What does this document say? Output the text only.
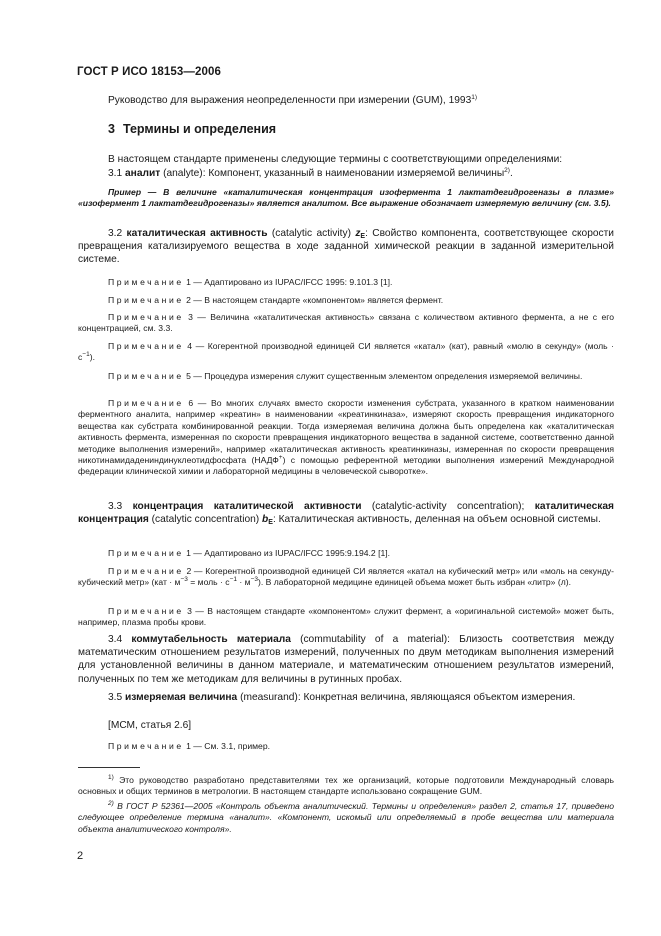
ГОСТ Р ИСО 18153—2006
Руководство для выражения неопределенности при измерении (GUM), 1993$^{1)}$
3 Термины и определения
В настоящем стандарте применены следующие термины с соответствующими определениями:
3.1 аналит (analyte): Компонент, указанный в наименовании измеряемой величины$^{2)}$.
Пример — В величине «каталитическая концентрация изофермента 1 лактатдегидрогеназы в плазме» «изофермент 1 лактатдегидрогеназы» является аналитом. Все выражение обозначает измеряемую величину (см. 3.5).
3.2 каталитическая активность (catalytic activity) $z_E$: Свойство компонента, соответствующее скорости превращения катализируемого вещества в ходе заданной химической реакции в заданной измерительной системе.
Примечание 1 — Адаптировано из IUPAC/IFCC 1995: 9.101.3 [1].
Примечание 2 — В настоящем стандарте «компонентом» является фермент.
Примечание 3 — Величина «каталитическая активность» связана с количеством активного фермента, а не с его концентрацией, см. 3.3.
Примечание 4 — Когерентной производной единицей СИ является «катал» (кат), равный «молю в секунду» (моль · $с^{-1}$).
Примечание 5 — Процедура измерения служит существенным элементом определения измеряемой величины.
Примечание 6 — Во многих случаях вместо скорости изменения субстрата, указанного в кратком наименовании ферментного аналита, например «креатин» в наименовании «креатинкиназа», измеряют скорость превращения индикаторного вещества как субстрата комбинированной реакции. Тогда измеряемая величина должна быть определена как «каталитическая активность фермента, измеренная по скорости превращения индикаторного вещества в заданной системе, соответственно данной методике выполнения измерений», например «каталитическая активность креатинкиназы, измеренная по скорости превращения никотинамидадениндинуклеотидфосфата (НАДФ+) с помощью референтной методики выполнения измерений Международной федерации клинической химии и лабораторной медицины в человеческой сыворотке».
3.3 концентрация каталитической активности (catalytic-activity concentration); каталитическая концентрация (catalytic concentration) $b_E$: Каталитическая активность, деленная на объем основной системы.
Примечание 1 — Адаптировано из IUPAC/IFCC 1995:9.194.2 [1].
Примечание 2 — Когерентной производной единицей СИ является «катал на кубический метр» или «моль на секунду-кубический метр» ($кат \cdot м^{-3}$ = моль · $с^{-1} \cdot м^{-3}$). В лабораторной медицине единицей объема может быть избран «литр» (л).
Примечание 3 — В настоящем стандарте «компонентом» служит фермент, а «оригинальной системой» может быть, например, плазма пробы крови.
3.4 коммутабельность материала (commutability of a material): Близость соответствия между математическим отношением результатов измерений, полученных по двум методикам выполнения измерений для установленной величины в данном материале, и математическим отношением результатов измерений, полученных по тем же методикам для величины в рутинных пробах.
3.5 измеряемая величина (measurand): Конкретная величина, являющаяся объектом измерения.
[МСМ, статья 2.6]
Примечание 1 — См. 3.1, пример.
$^{1)}$ Это руководство разработано представителями тех же организаций, которые подготовили Международный словарь основных и общих терминов в метрологии. В настоящем стандарте использовано сокращение GUM.
$^{2)}$ В ГОСТ Р 52361—2005 «Контроль объекта аналитический. Термины и определения» раздел 2, статья 17, приведено следующее определение термина «аналит». «Компонент, искомый или определяемый в пробе вещества или материала объекта аналитического контроля».
2
